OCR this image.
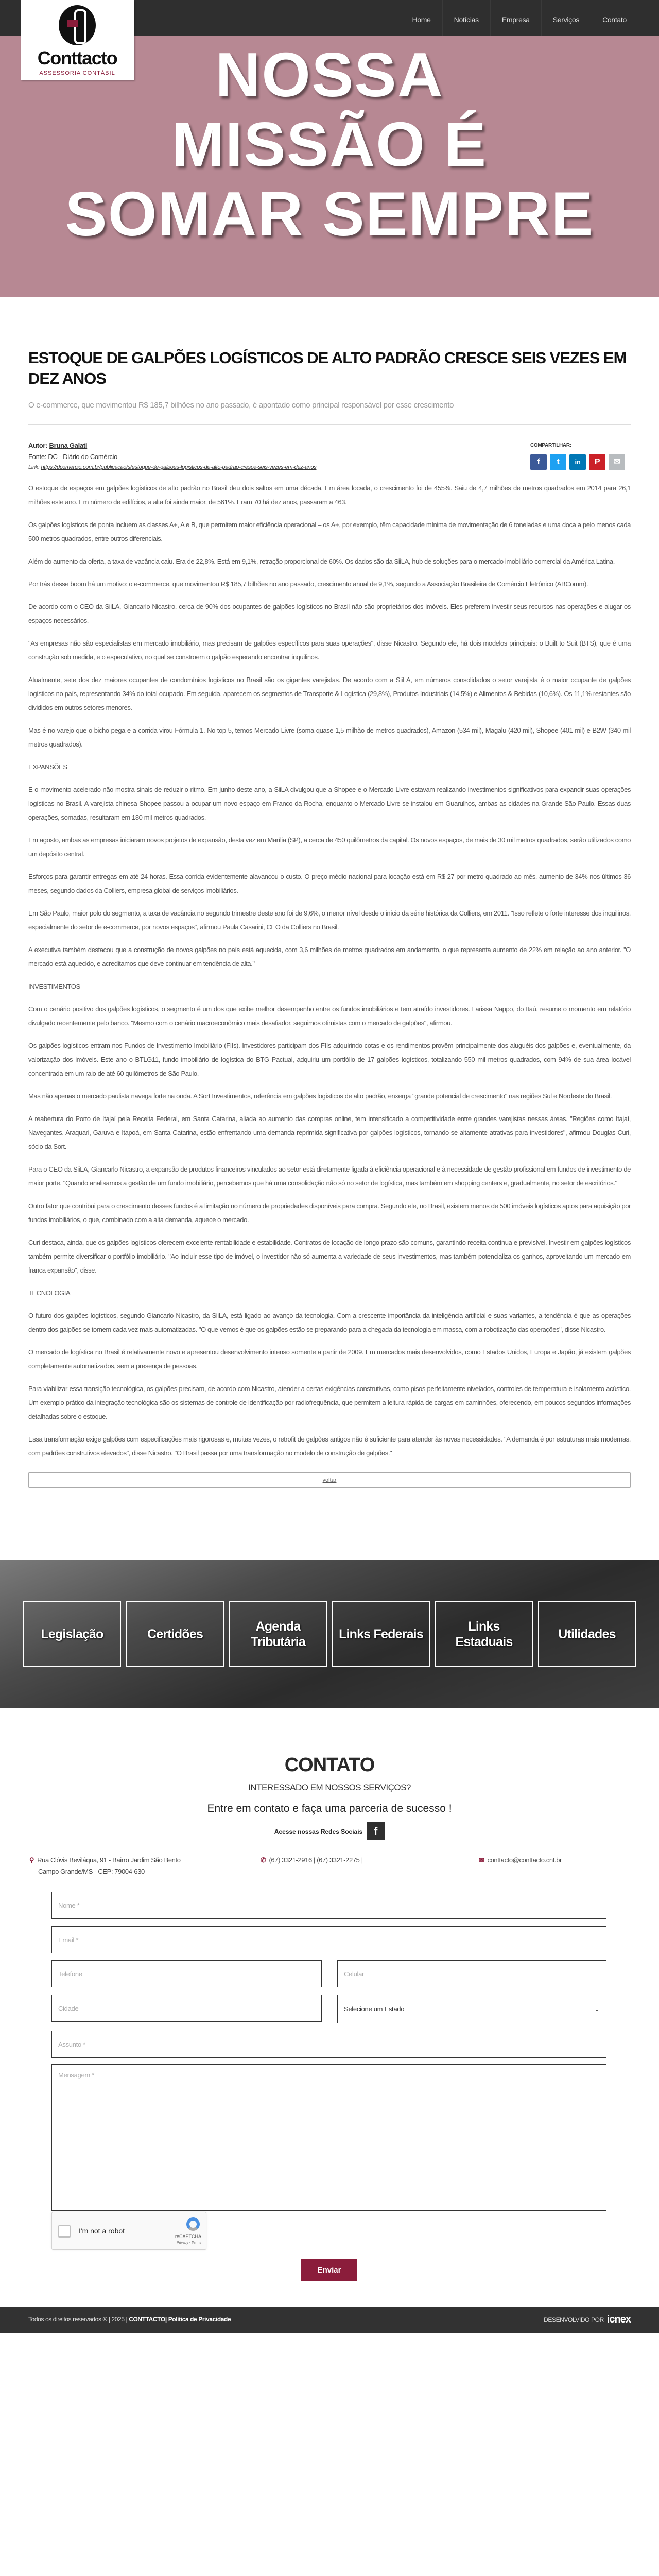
Home	Notícias	Empresa	Serviços	Contato
Conttacto
ASSESSORIA CONTÁBIL	NOSSA
MISSÃO É
SOMAR SEMPRE
ESTOQUE DE GALPÕES LOGÍSTICOS DE ALTO PADRÃO CRESCE SEIS VEZES EM DEZ ANOS
O e-commerce, que movimentou R$ 185,7 bilhões no ano passado, é apontado como principal responsável por esse crescimento
Autor: Bruna Galati
Fonte: DC - Diário do Comércio
Link: https://dcomercio.com.br/publicacao/s/estoque-de-galpoes-logisticos-de-alto-padrao-cresce-seis-vezes-em-dez-anos
COMPARTILHAR:
f	t	in	P	✉

O estoque de espaços em galpões logísticos de alto padrão no Brasil deu dois saltos em uma década. Em área locada, o crescimento foi de 455%. Saiu de 4,7 milhões de metros quadrados em 2014 para 26,1 milhões este ano. Em número de edifícios, a alta foi ainda maior, de 561%. Eram 70 há dez anos, passaram a 463.

Os galpões logísticos de ponta incluem as classes A+, A e B, que permitem maior eficiência operacional – os A+, por exemplo, têm capacidade mínima de movimentação de 6 toneladas e uma doca a pelo menos cada 500 metros quadrados, entre outros diferenciais.

Além do aumento da oferta, a taxa de vacância caiu. Era de 22,8%. Está em 9,1%, retração proporcional de 60%. Os dados são da SiiLA, hub de soluções para o mercado imobiliário comercial da América Latina.

Por trás desse boom há um motivo: o e-commerce, que movimentou R$ 185,7 bilhões no ano passado, crescimento anual de 9,1%, segundo a Associação Brasileira de Comércio Eletrônico (ABComm).

De acordo com o CEO da SiiLA, Giancarlo Nicastro, cerca de 90% dos ocupantes de galpões logísticos no Brasil não são proprietários dos imóveis. Eles preferem investir seus recursos nas operações e alugar os espaços necessários.

"As empresas não são especialistas em mercado imobiliário, mas precisam de galpões específicos para suas operações", disse Nicastro. Segundo ele, há dois modelos principais: o Built to Suit (BTS), que é uma construção sob medida, e o especulativo, no qual se constroem o galpão esperando encontrar inquilinos.

Atualmente, sete dos dez maiores ocupantes de condomínios logísticos no Brasil são os gigantes varejistas. De acordo com a SiiLA, em números consolidados o setor varejista é o maior ocupante de galpões logísticos no país, representando 34% do total ocupado. Em seguida, aparecem os segmentos de Transporte & Logística (29,8%), Produtos Industriais (14,5%) e Alimentos & Bebidas (10,6%). Os 11,1% restantes são divididos em outros setores menores.

Mas é no varejo que o bicho pega e a corrida virou Fórmula 1. No top 5, temos Mercado Livre (soma quase 1,5 milhão de metros quadrados), Amazon (534 mil), Magalu (420 mil), Shopee (401 mil) e B2W (340 mil metros quadrados).

EXPANSÕES

E o movimento acelerado não mostra sinais de reduzir o ritmo. Em junho deste ano, a SiiLA divulgou que a Shopee e o Mercado Livre estavam realizando investimentos significativos para expandir suas operações logísticas no Brasil. A varejista chinesa Shopee passou a ocupar um novo espaço em Franco da Rocha, enquanto o Mercado Livre se instalou em Guarulhos, ambas as cidades na Grande São Paulo. Essas duas operações, somadas, resultaram em 180 mil metros quadrados.

Em agosto, ambas as empresas iniciaram novos projetos de expansão, desta vez em Marília (SP), a cerca de 450 quilômetros da capital. Os novos espaços, de mais de 30 mil metros quadrados, serão utilizados como um depósito central.

Esforços para garantir entregas em até 24 horas. Essa corrida evidentemente alavancou o custo. O preço médio nacional para locação está em R$ 27 por metro quadrado ao mês, aumento de 34% nos últimos 36 meses, segundo dados da Colliers, empresa global de serviços imobiliários.

Em São Paulo, maior polo do segmento, a taxa de vacância no segundo trimestre deste ano foi de 9,6%, o menor nível desde o início da série histórica da Colliers, em 2011. "Isso reflete o forte interesse dos inquilinos, especialmente do setor de e-commerce, por novos espaços", afirmou Paula Casarini, CEO da Colliers no Brasil.

A executiva também destacou que a construção de novos galpões no país está aquecida, com 3,6 milhões de metros quadrados em andamento, o que representa aumento de 22% em relação ao ano anterior. "O mercado está aquecido, e acreditamos que deve continuar em tendência de alta."

INVESTIMENTOS

Com o cenário positivo dos galpões logísticos, o segmento é um dos que exibe melhor desempenho entre os fundos imobiliários e tem atraído investidores. Larissa Nappo, do Itaú, resume o momento em relatório divulgado recentemente pelo banco. "Mesmo com o cenário macroeconômico mais desafiador, seguimos otimistas com o mercado de galpões", afirmou.

Os galpões logísticos entram nos Fundos de Investimento Imobiliário (FIIs). Investidores participam dos FIIs adquirindo cotas e os rendimentos provêm principalmente dos aluguéis dos galpões e, eventualmente, da valorização dos imóveis. Este ano o BTLG11, fundo imobiliário de logística do BTG Pactual, adquiriu um portfólio de 17 galpões logísticos, totalizando 550 mil metros quadrados, com 94% de sua área locável concentrada em um raio de até 60 quilômetros de São Paulo.

Mas não apenas o mercado paulista navega forte na onda. A Sort Investimentos, referência em galpões logísticos de alto padrão, enxerga "grande potencial de crescimento" nas regiões Sul e Nordeste do Brasil.

A reabertura do Porto de Itajaí pela Receita Federal, em Santa Catarina, aliada ao aumento das compras online, tem intensificado a competitividade entre grandes varejistas nessas áreas. "Regiões como Itajaí, Navegantes, Araquari, Garuva e Itapoá, em Santa Catarina, estão enfrentando uma demanda reprimida significativa por galpões logísticos, tornando-se altamente atrativas para investidores", afirmou Douglas Curi, sócio da Sort.

Para o CEO da SiiLA, Giancarlo Nicastro, a expansão de produtos financeiros vinculados ao setor está diretamente ligada à eficiência operacional e à necessidade de gestão profissional em fundos de investimento de maior porte. "Quando analisamos a gestão de um fundo imobiliário, percebemos que há uma consolidação não só no setor de logística, mas também em shopping centers e, gradualmente, no setor de escritórios."

Outro fator que contribui para o crescimento desses fundos é a limitação no número de propriedades disponíveis para compra. Segundo ele, no Brasil, existem menos de 500 imóveis logísticos aptos para aquisição por fundos imobiliários, o que, combinado com a alta demanda, aquece o mercado.

Curi destaca, ainda, que os galpões logísticos oferecem excelente rentabilidade e estabilidade. Contratos de locação de longo prazo são comuns, garantindo receita contínua e previsível. Investir em galpões logísticos também permite diversificar o portfólio imobiliário. "Ao incluir esse tipo de imóvel, o investidor não só aumenta a variedade de seus investimentos, mas também potencializa os ganhos, aproveitando um mercado em franca expansão", disse.

TECNOLOGIA

O futuro dos galpões logísticos, segundo Giancarlo Nicastro, da SiiLA, está ligado ao avanço da tecnologia. Com a crescente importância da inteligência artificial e suas variantes, a tendência é que as operações dentro dos galpões se tornem cada vez mais automatizadas. "O que vemos é que os galpões estão se preparando para a chegada da tecnologia em massa, com a robotização das operações", disse Nicastro.

O mercado de logística no Brasil é relativamente novo e apresentou desenvolvimento intenso somente a partir de 2009. Em mercados mais desenvolvidos, como Estados Unidos, Europa e Japão, já existem galpões completamente automatizados, sem a presença de pessoas.

Para viabilizar essa transição tecnológica, os galpões precisam, de acordo com Nicastro, atender a certas exigências construtivas, como pisos perfeitamente nivelados, controles de temperatura e isolamento acústico. Um exemplo prático da integração tecnológica são os sistemas de controle de identificação por radiofrequência, que permitem a leitura rápida de cargas em caminhões, oferecendo, em poucos segundos informações detalhadas sobre o estoque.

Essa transformação exige galpões com especificações mais rigorosas e, muitas vezes, o retrofit de galpões antigos não é suficiente para atender às novas necessidades. "A demanda é por estruturas mais modernas, com padrões construtivos elevados", disse Nicastro. "O Brasil passa por uma transformação no modelo de construção de galpões."

voltar
Legislação	Certidões
Agenda Tributária
Links Federais
Links Estaduais
Utilidades
CONTATO
INTERESSADO EM NOSSOS SERVIÇOS?
Entre em contato e faça uma parceria de sucesso !
Acesse nossas Redes Sociais f
⚲ Rua Clóvis Beviláqua, 91 - Bairro Jardim São Bento
Campo Grande/MS - CEP: 79004-630
✆ (67) 3321-2916 | (67) 3321-2275 |	✉ conttacto@conttacto.cnt.br
Nome *
Email *
Telefone	Celular
Cidade	Selecione um Estado	⌄
Assunto *
Mensagem *
I'm not a robot
reCAPTCHA
Privacy - Terms
Enviar
Todos os direitos reservados ® | 2025 | CONTTACTO| Política de Privacidade	DESENVOLVIDO POR icnex
